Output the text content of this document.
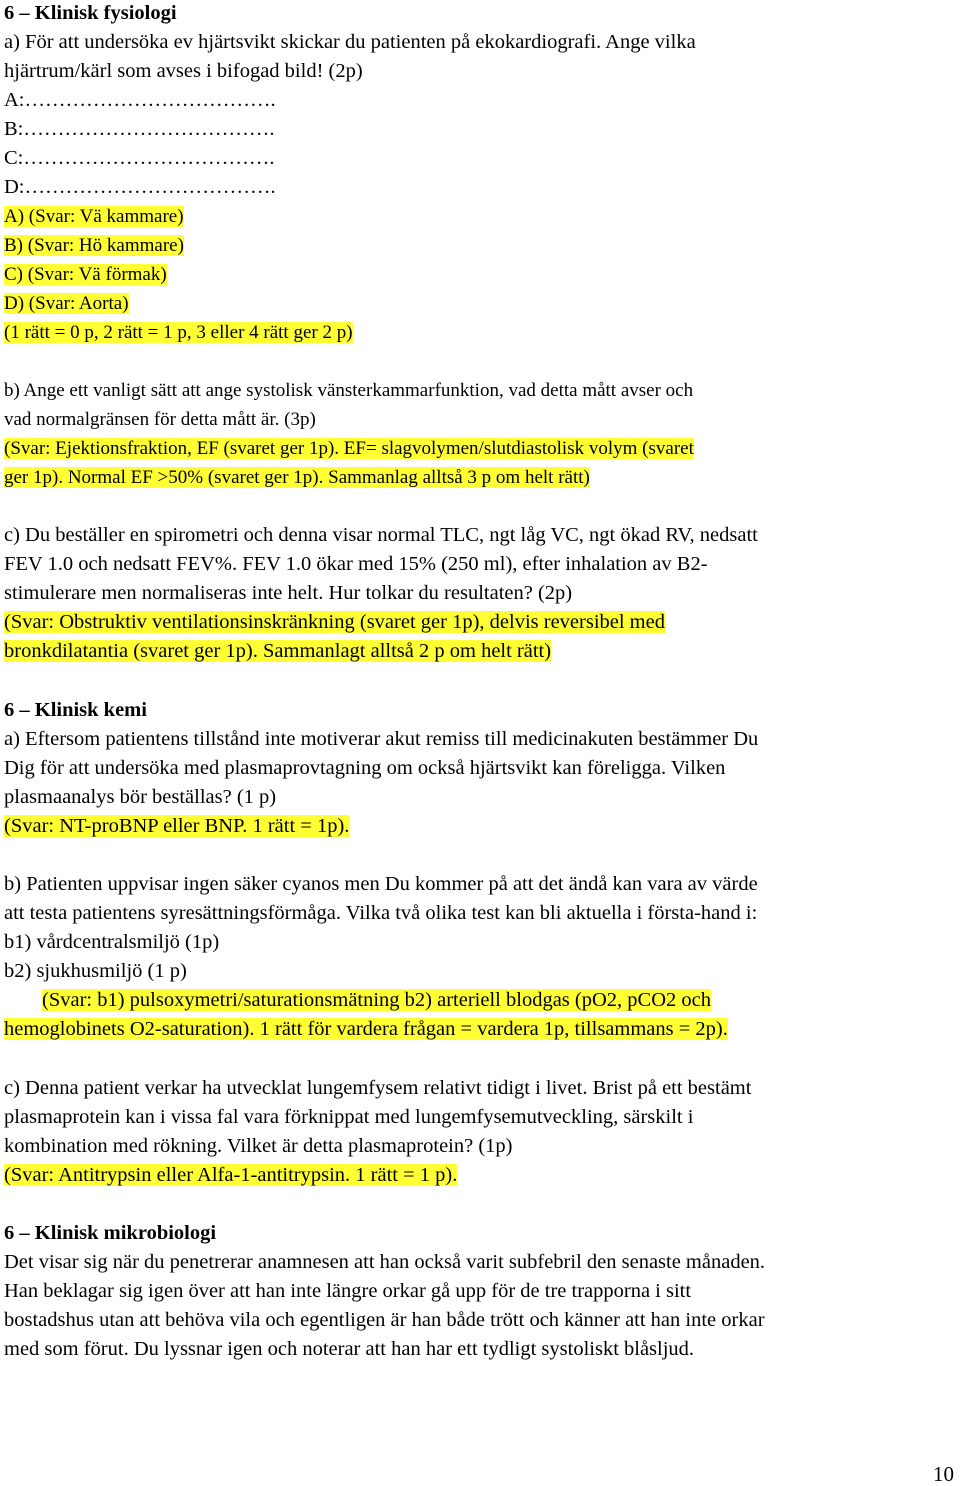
6 – Klinisk fysiologi
a) För att undersöka ev hjärtsvikt skickar du patienten på ekokardiografi. Ange vilka
hjärtrum/kärl som avses i bifogad bild! (2p)
A:……………………………….
B:……………………………….
C:……………………………….
D:……………………………….
A) (Svar: Vä kammare)
B) (Svar: Hö kammare)
C) (Svar: Vä förmak)
D) (Svar: Aorta)
(1 rätt = 0 p, 2 rätt = 1 p, 3 eller 4 rätt ger 2 p)
b) Ange ett vanligt sätt att ange systolisk vänsterkammarfunktion, vad detta mått avser och
vad normalgränsen för detta mått är. (3p)
(Svar: Ejektionsfraktion, EF (svaret ger 1p). EF= slagvolymen/slutdiastolisk volym (svaret
ger 1p). Normal EF >50% (svaret ger 1p). Sammanlag alltså 3 p om helt rätt)
c) Du beställer en spirometri och denna visar normal TLC, ngt låg VC, ngt ökad RV, nedsatt
FEV 1.0 och nedsatt FEV%. FEV 1.0 ökar med 15% (250 ml), efter inhalation av B2-
stimulerare men normaliseras inte helt. Hur tolkar du resultaten? (2p)
(Svar: Obstruktiv ventilationsinskränkning (svaret ger 1p), delvis reversibel med
bronkdilatantia (svaret ger 1p). Sammanlagt alltså 2 p om helt rätt)
6 – Klinisk kemi
a) Eftersom patientens tillstånd inte motiverar akut remiss till medicinakuten bestämmer Du
Dig för att undersöka med plasmaprovtagning om också hjärtsvikt kan föreligga. Vilken
plasmaanalys bör beställas? (1 p)
(Svar: NT-proBNP eller BNP. 1 rätt = 1p).
b) Patienten uppvisar ingen säker cyanos men Du kommer på att det ändå kan vara av värde
att testa patientens syresättningsförmåga. Vilka två olika test kan bli aktuella i första-hand i:
b1) vårdcentralsmiljö (1p)
b2) sjukhusmiljö (1 p)
(Svar: b1) pulsoxymetri/saturationsmätning b2) arteriell blodgas (pO2, pCO2 och
hemoglobinets O2-saturation). 1 rätt för vardera frågan = vardera 1p, tillsammans = 2p).
c) Denna patient verkar ha utvecklat lungemfysem relativt tidigt i livet. Brist på ett bestämt
plasmaprotein kan i vissa fal vara förknippat med lungemfysemutveckling, särskilt i
kombination med rökning. Vilket är detta plasmaprotein? (1p)
(Svar: Antitrypsin eller Alfa-1-antitrypsin. 1 rätt = 1 p).
6 – Klinisk mikrobiologi
Det visar sig när du penetrerar anamnesen att han också varit subfebril den senaste månaden.
Han beklagar sig igen över att han inte längre orkar gå upp för de tre trapporna i sitt
bostadshus utan att behöva vila och egentligen är han både trött och känner att han inte orkar
med som förut. Du lyssnar igen och noterar att han har ett tydligt systoliskt blåsljud.
10
